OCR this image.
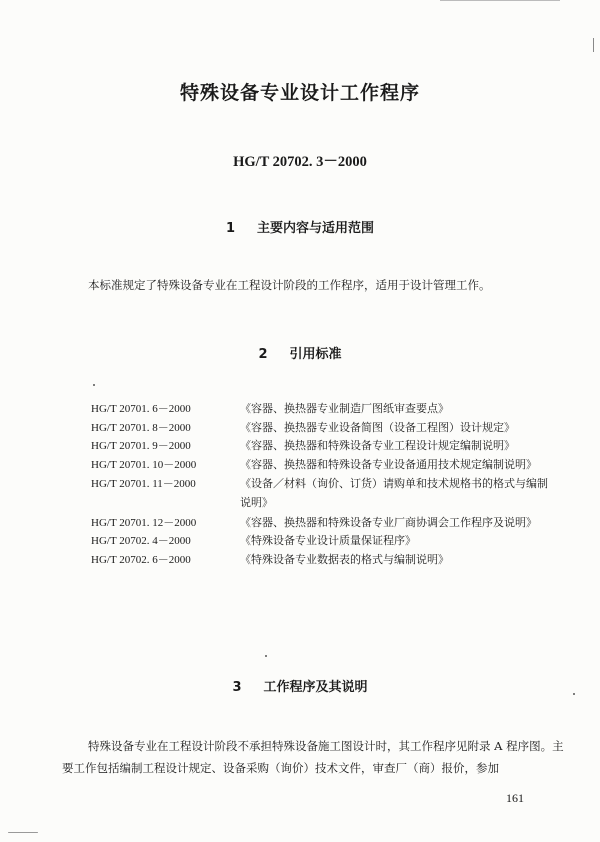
特殊设备专业设计工作程序
HG/T 20702. 3－2000
1 主要内容与适用范围
本标准规定了特殊设备专业在工程设计阶段的工作程序，适用于设计管理工作。
2 引用标准
HG/T 20701. 6－2000	《容器、换热器专业制造厂图纸审查要点》
HG/T 20701. 8－2000	《容器、换热器专业设备简图（设备工程图）设计规定》
HG/T 20701. 9－2000	《容器、换热器和特殊设备专业工程设计规定编制说明》
HG/T 20701. 10－2000	《容器、换热器和特殊设备专业设备通用技术规定编制说明》
HG/T 20701. 11－2000	《设备／材料（询价、订货）请购单和技术规格书的格式与编制说明》
HG/T 20701. 12－2000	《容器、换热器和特殊设备专业厂商协调会工作程序及说明》
HG/T 20702. 4－2000	《特殊设备专业设计质量保证程序》
HG/T 20702. 6－2000	《特殊设备专业数据表的格式与编制说明》
3 工作程序及其说明
特殊设备专业在工程设计阶段不承担特殊设备施工图设计时，其工作程序见附录 A 程序图。主要工作包括编制工程设计规定、设备采购（询价）技术文件，审查厂（商）报价，参加
161
